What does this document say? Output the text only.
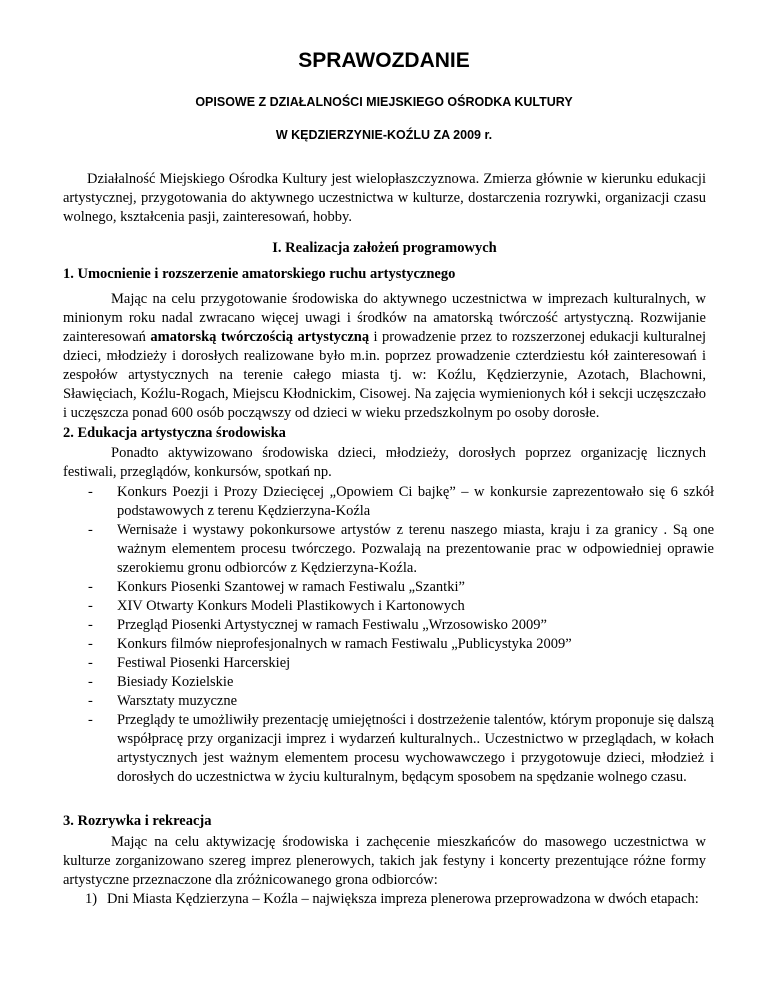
SPRAWOZDANIE
OPISOWE Z DZIAŁALNOŚCI MIEJSKIEGO OŚRODKA KULTURY
W KĘDZIERZYNIE-KOŹLU ZA 2009 r.
Działalność Miejskiego Ośrodka Kultury jest wielopłaszczyznowa. Zmierza głównie w kierunku edukacji artystycznej, przygotowania do aktywnego uczestnictwa w kulturze, dostarczenia rozrywki, organizacji czasu wolnego, kształcenia pasji, zainteresowań, hobby.
I. Realizacja założeń programowych
1. Umocnienie i rozszerzenie amatorskiego ruchu artystycznego
Mając na celu przygotowanie środowiska do aktywnego uczestnictwa w imprezach kulturalnych, w minionym roku nadal zwracano więcej uwagi i środków na amatorską twórczość artystyczną. Rozwijanie zainteresowań amatorską twórczością artystyczną i prowadzenie przez to rozszerzonej edukacji kulturalnej dzieci, młodzieży i dorosłych realizowane było m.in. poprzez prowadzenie czterdziestu kół zainteresowań i zespołów artystycznych na terenie całego miasta tj. w: Koźlu, Kędzierzynie, Azotach, Blachowni, Sławięciach, Koźlu-Rogach, Miejscu Kłodnickim, Cisowej. Na zajęcia wymienionych kół i sekcji uczęszczało i uczęszcza ponad 600 osób począwszy od dzieci w wieku przedszkolnym po osoby dorosłe.
2. Edukacja artystyczna środowiska
Ponadto aktywizowano środowiska dzieci, młodzieży, dorosłych poprzez organizację licznych festiwali, przeglądów, konkursów, spotkań np.
- Konkurs Poezji i Prozy Dziecięcej „Opowiem Ci bajkę” – w konkursie zaprezentowało się 6 szkół podstawowych z terenu Kędzierzyna-Koźla
- Wernisaże i wystawy pokonkursowe artystów z terenu naszego miasta, kraju i za granicy . Są one ważnym elementem procesu twórczego. Pozwalają na prezentowanie prac w odpowiedniej oprawie szerokiemu gronu odbiorców z Kędzierzyna-Koźla.
- Konkurs Piosenki Szantowej w ramach Festiwalu „Szantki”
- XIV Otwarty Konkurs Modeli Plastikowych i Kartonowych
- Przegląd Piosenki Artystycznej w ramach Festiwalu „Wrzosowisko 2009”
- Konkurs filmów nieprofesjonalnych w ramach Festiwalu „Publicystyka 2009”
- Festiwal Piosenki Harcerskiej
- Biesiady Kozielskie
- Warsztaty muzyczne
- Przeglądy te umożliwiły prezentację umiejętności i dostrzeżenie talentów, którym proponuje się dalszą współpracę przy organizacji imprez i wydarzeń kulturalnych.. Uczestnictwo w przeglądach, w kołach artystycznych jest ważnym elementem procesu wychowawczego i przygotowuje dzieci, młodzież i dorosłych do uczestnictwa w życiu kulturalnym, będącym sposobem na spędzanie wolnego czasu.
3. Rozrywka i rekreacja
Mając na celu aktywizację środowiska i zachęcenie mieszkańców do masowego uczestnictwa w kulturze zorganizowano szereg imprez plenerowych, takich jak festyny i koncerty prezentujące różne formy artystyczne przeznaczone dla zróżnicowanego grona odbiorców:
1) Dni Miasta Kędzierzyna – Koźla – największa impreza plenerowa przeprowadzona w dwóch etapach:
